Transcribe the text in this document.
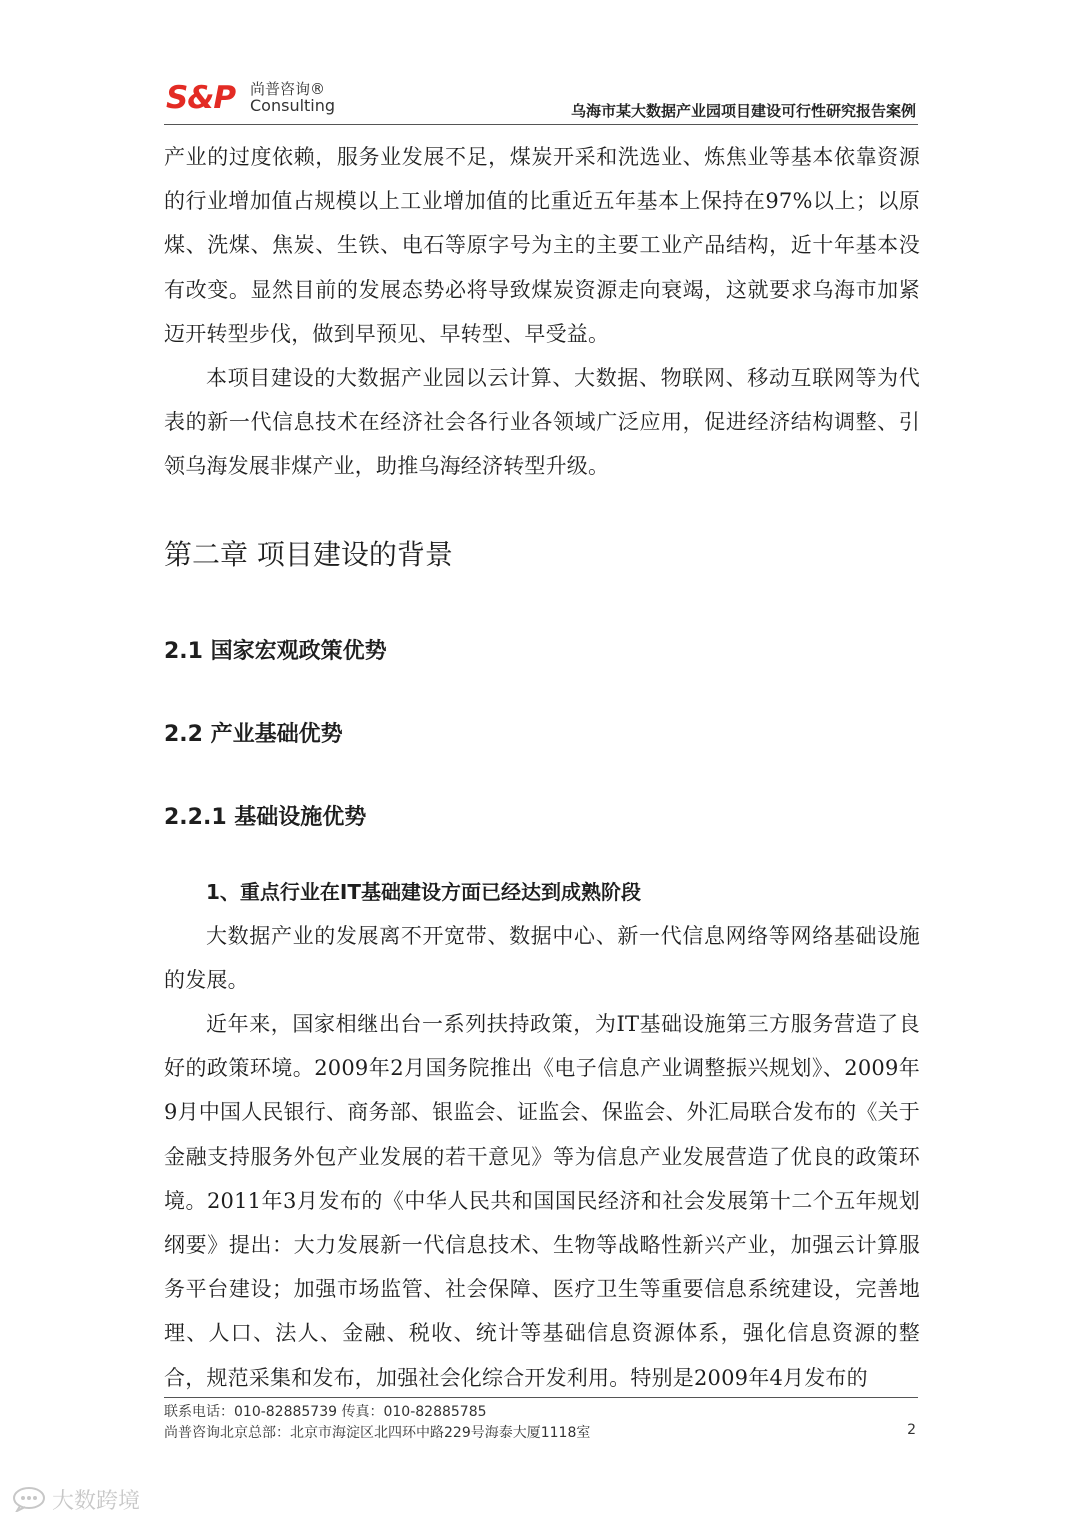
S&P 尚普咨询®
Consulting	乌海市某大数据产业园项目建设可行性研究报告案例

产业的过度依赖，服务业发展不足，煤炭开采和洗选业、炼焦业等基本依靠资源的行业增加值占规模以上工业增加值的比重近五年基本上保持在97%以上；以原煤、洗煤、焦炭、生铁、电石等原字号为主的主要工业产品结构，近十年基本没有改变。显然目前的发展态势必将导致煤炭资源走向衰竭，这就要求乌海市加紧迈开转型步伐，做到早预见、早转型、早受益。

本项目建设的大数据产业园以云计算、大数据、物联网、移动互联网等为代表的新一代信息技术在经济社会各行业各领域广泛应用，促进经济结构调整、引领乌海发展非煤产业，助推乌海经济转型升级。

第二章 项目建设的背景
2.1 国家宏观政策优势
2.2 产业基础优势
2.2.1 基础设施优势
1、重点行业在IT基础建设方面已经达到成熟阶段

大数据产业的发展离不开宽带、数据中心、新一代信息网络等网络基础设施的发展。

近年来，国家相继出台一系列扶持政策，为IT基础设施第三方服务营造了良好的政策环境。2009年2月国务院推出《电子信息产业调整振兴规划》、2009年9月中国人民银行、商务部、银监会、证监会、保监会、外汇局联合发布的《关于金融支持服务外包产业发展的若干意见》等为信息产业发展营造了优良的政策环境。2011年3月发布的《中华人民共和国国民经济和社会发展第十二个五年规划纲要》提出：大力发展新一代信息技术、生物等战略性新兴产业，加强云计算服务平台建设；加强市场监管、社会保障、医疗卫生等重要信息系统建设，完善地理、人口、法人、金融、税收、统计等基础信息资源体系，强化信息资源的整合，规范采集和发布，加强社会化综合开发利用。特别是2009年4月发布的

联系电话：010-82885739 传真：010-82885785
尚普咨询北京总部：北京市海淀区北四环中路229号海泰大厦1118室	2
大数跨境
